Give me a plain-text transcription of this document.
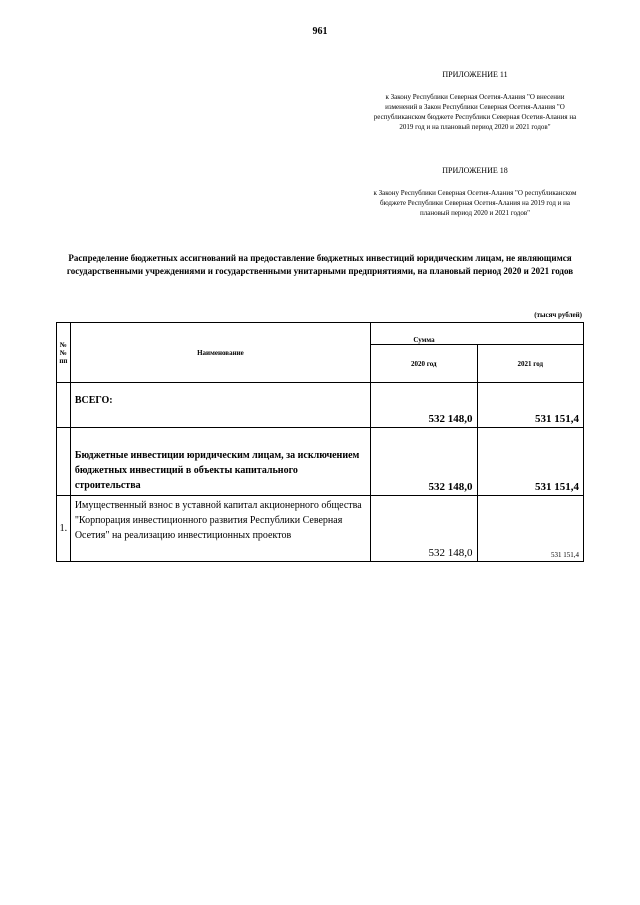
961
ПРИЛОЖЕНИЕ 11
к Закону Республики Северная Осетия-Алания "О внесении изменений в Закон Республики Северная Осетия-Алания "О республиканском бюджете Республики Северная Осетия-Алания на 2019 год и на плановый период 2020 и 2021 годов"
ПРИЛОЖЕНИЕ 18
к Закону Республики Северная Осетия-Алания "О республиканском бюджете Республики Северная Осетия-Алания на 2019 год и на плановый период 2020 и 2021 годов"
Распределение бюджетных ассигнований на предоставление бюджетных инвестиций юридическим лицам, не являющимся государственными учреждениями и государственными унитарными предприятиями, на плановый период 2020 и 2021 годов
(тысяч рублей)
№№ пп	Наименование	Сумма	
		2020 год	2021 год
	ВСЕГО:	532 148,0	531 151,4
	Бюджетные инвестиции юридическим лицам, за исключением бюджетных инвестиций в объекты капитального строительства	532 148,0	531 151,4
1.	Имущественный взнос в уставной капитал акционерного общества "Корпорация инвестиционного развития Республики Северная Осетия" на реализацию инвестиционных проектов	532 148,0	531 151,4
